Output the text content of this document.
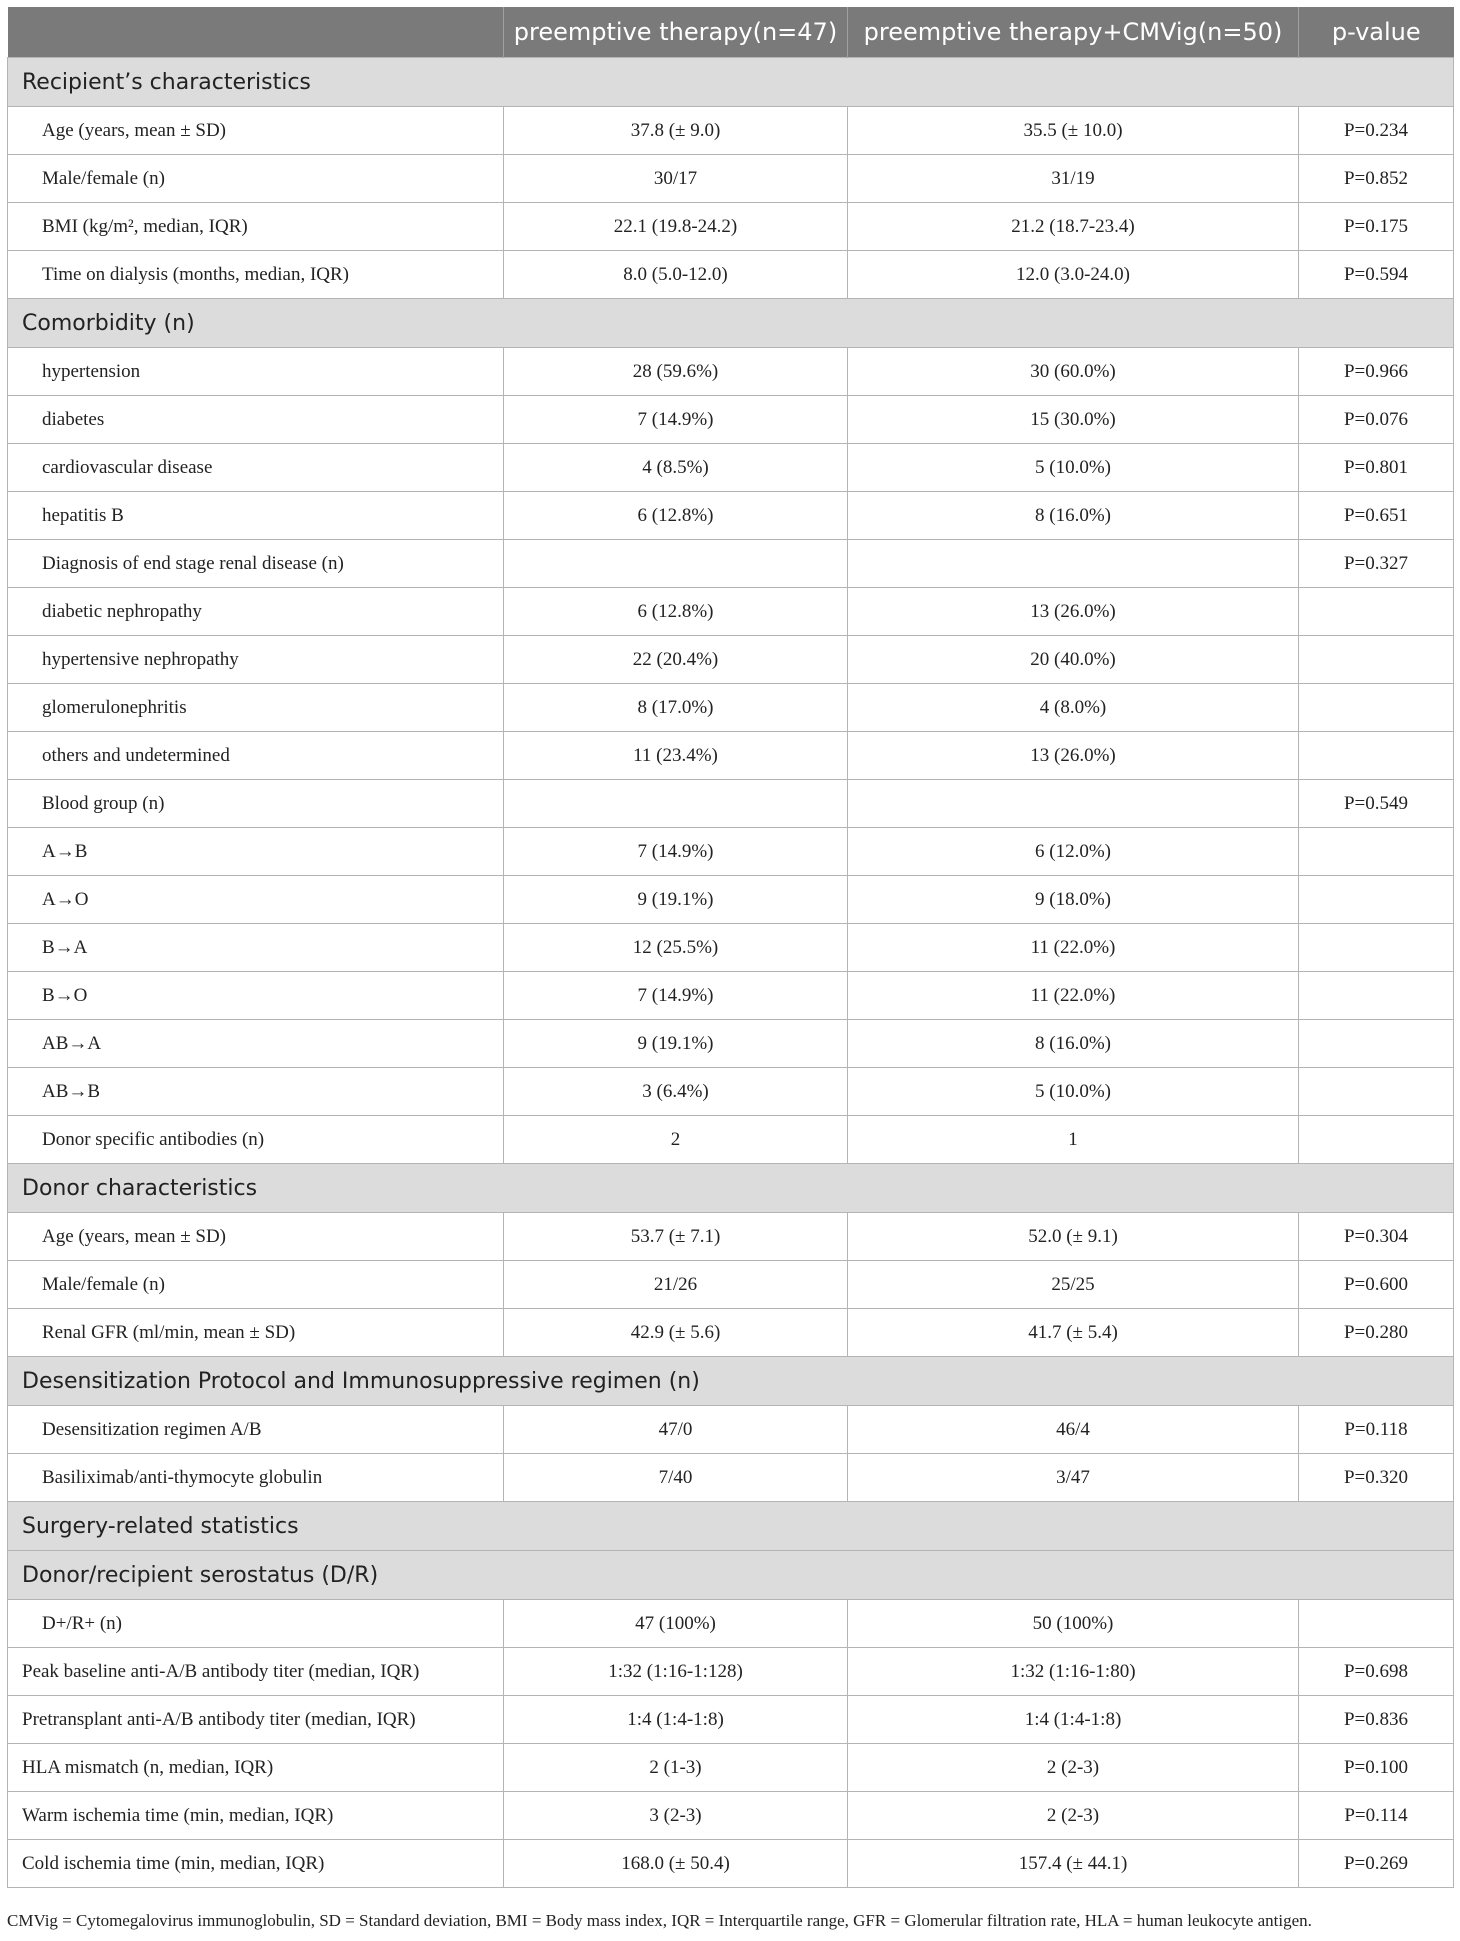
	preemptive therapy(n=47)	preemptive therapy+CMVig(n=50)	p-value
Recipient’s characteristics			
Age (years, mean ± SD)	37.8 (± 9.0)	35.5 (± 10.0)	P=0.234
Male/female (n)	30/17	31/19	P=0.852
BMI (kg/m², median, IQR)	22.1 (19.8-24.2)	21.2 (18.7-23.4)	P=0.175
Time on dialysis (months, median, IQR)	8.0 (5.0-12.0)	12.0 (3.0-24.0)	P=0.594
Comorbidity (n)			
hypertension	28 (59.6%)	30 (60.0%)	P=0.966
diabetes	7 (14.9%)	15 (30.0%)	P=0.076
cardiovascular disease	4 (8.5%)	5 (10.0%)	P=0.801
hepatitis B	6 (12.8%)	8 (16.0%)	P=0.651
Diagnosis of end stage renal disease (n)			P=0.327
diabetic nephropathy	6 (12.8%)	13 (26.0%)	
hypertensive nephropathy	22 (20.4%)	20 (40.0%)	
glomerulonephritis	8 (17.0%)	4 (8.0%)	
others and undetermined	11 (23.4%)	13 (26.0%)	
Blood group (n)			P=0.549
A→B	7 (14.9%)	6 (12.0%)	
A→O	9 (19.1%)	9 (18.0%)	
B→A	12 (25.5%)	11 (22.0%)	
B→O	7 (14.9%)	11 (22.0%)	
AB→A	9 (19.1%)	8 (16.0%)	
AB→B	3 (6.4%)	5 (10.0%)	
Donor specific antibodies (n)	2	1	
Donor characteristics			
Age (years, mean ± SD)	53.7 (± 7.1)	52.0 (± 9.1)	P=0.304
Male/female (n)	21/26	25/25	P=0.600
Renal GFR (ml/min, mean ± SD)	42.9 (± 5.6)	41.7 (± 5.4)	P=0.280
Desensitization Protocol and Immunosuppressive regimen (n)			
Desensitization regimen A/B	47/0	46/4	P=0.118
Basiliximab/anti-thymocyte globulin	7/40	3/47	P=0.320
Surgery-related statistics			
Donor/recipient serostatus (D/R)			
D+/R+ (n)	47 (100%)	50 (100%)	
Peak baseline anti-A/B antibody titer (median, IQR)	1:32 (1:16-1:128)	1:32 (1:16-1:80)	P=0.698
Pretransplant anti-A/B antibody titer (median, IQR)	1:4 (1:4-1:8)	1:4 (1:4-1:8)	P=0.836
HLA mismatch (n, median, IQR)	2 (1-3)	2 (2-3)	P=0.100
Warm ischemia time (min, median, IQR)	3 (2-3)	2 (2-3)	P=0.114
Cold ischemia time (min, median, IQR)	168.0 (± 50.4)	157.4 (± 44.1)	P=0.269
CMVig = Cytomegalovirus immunoglobulin, SD = Standard deviation, BMI = Body mass index, IQR = Interquartile range, GFR = Glomerular filtration rate, HLA = human leukocyte antigen.
